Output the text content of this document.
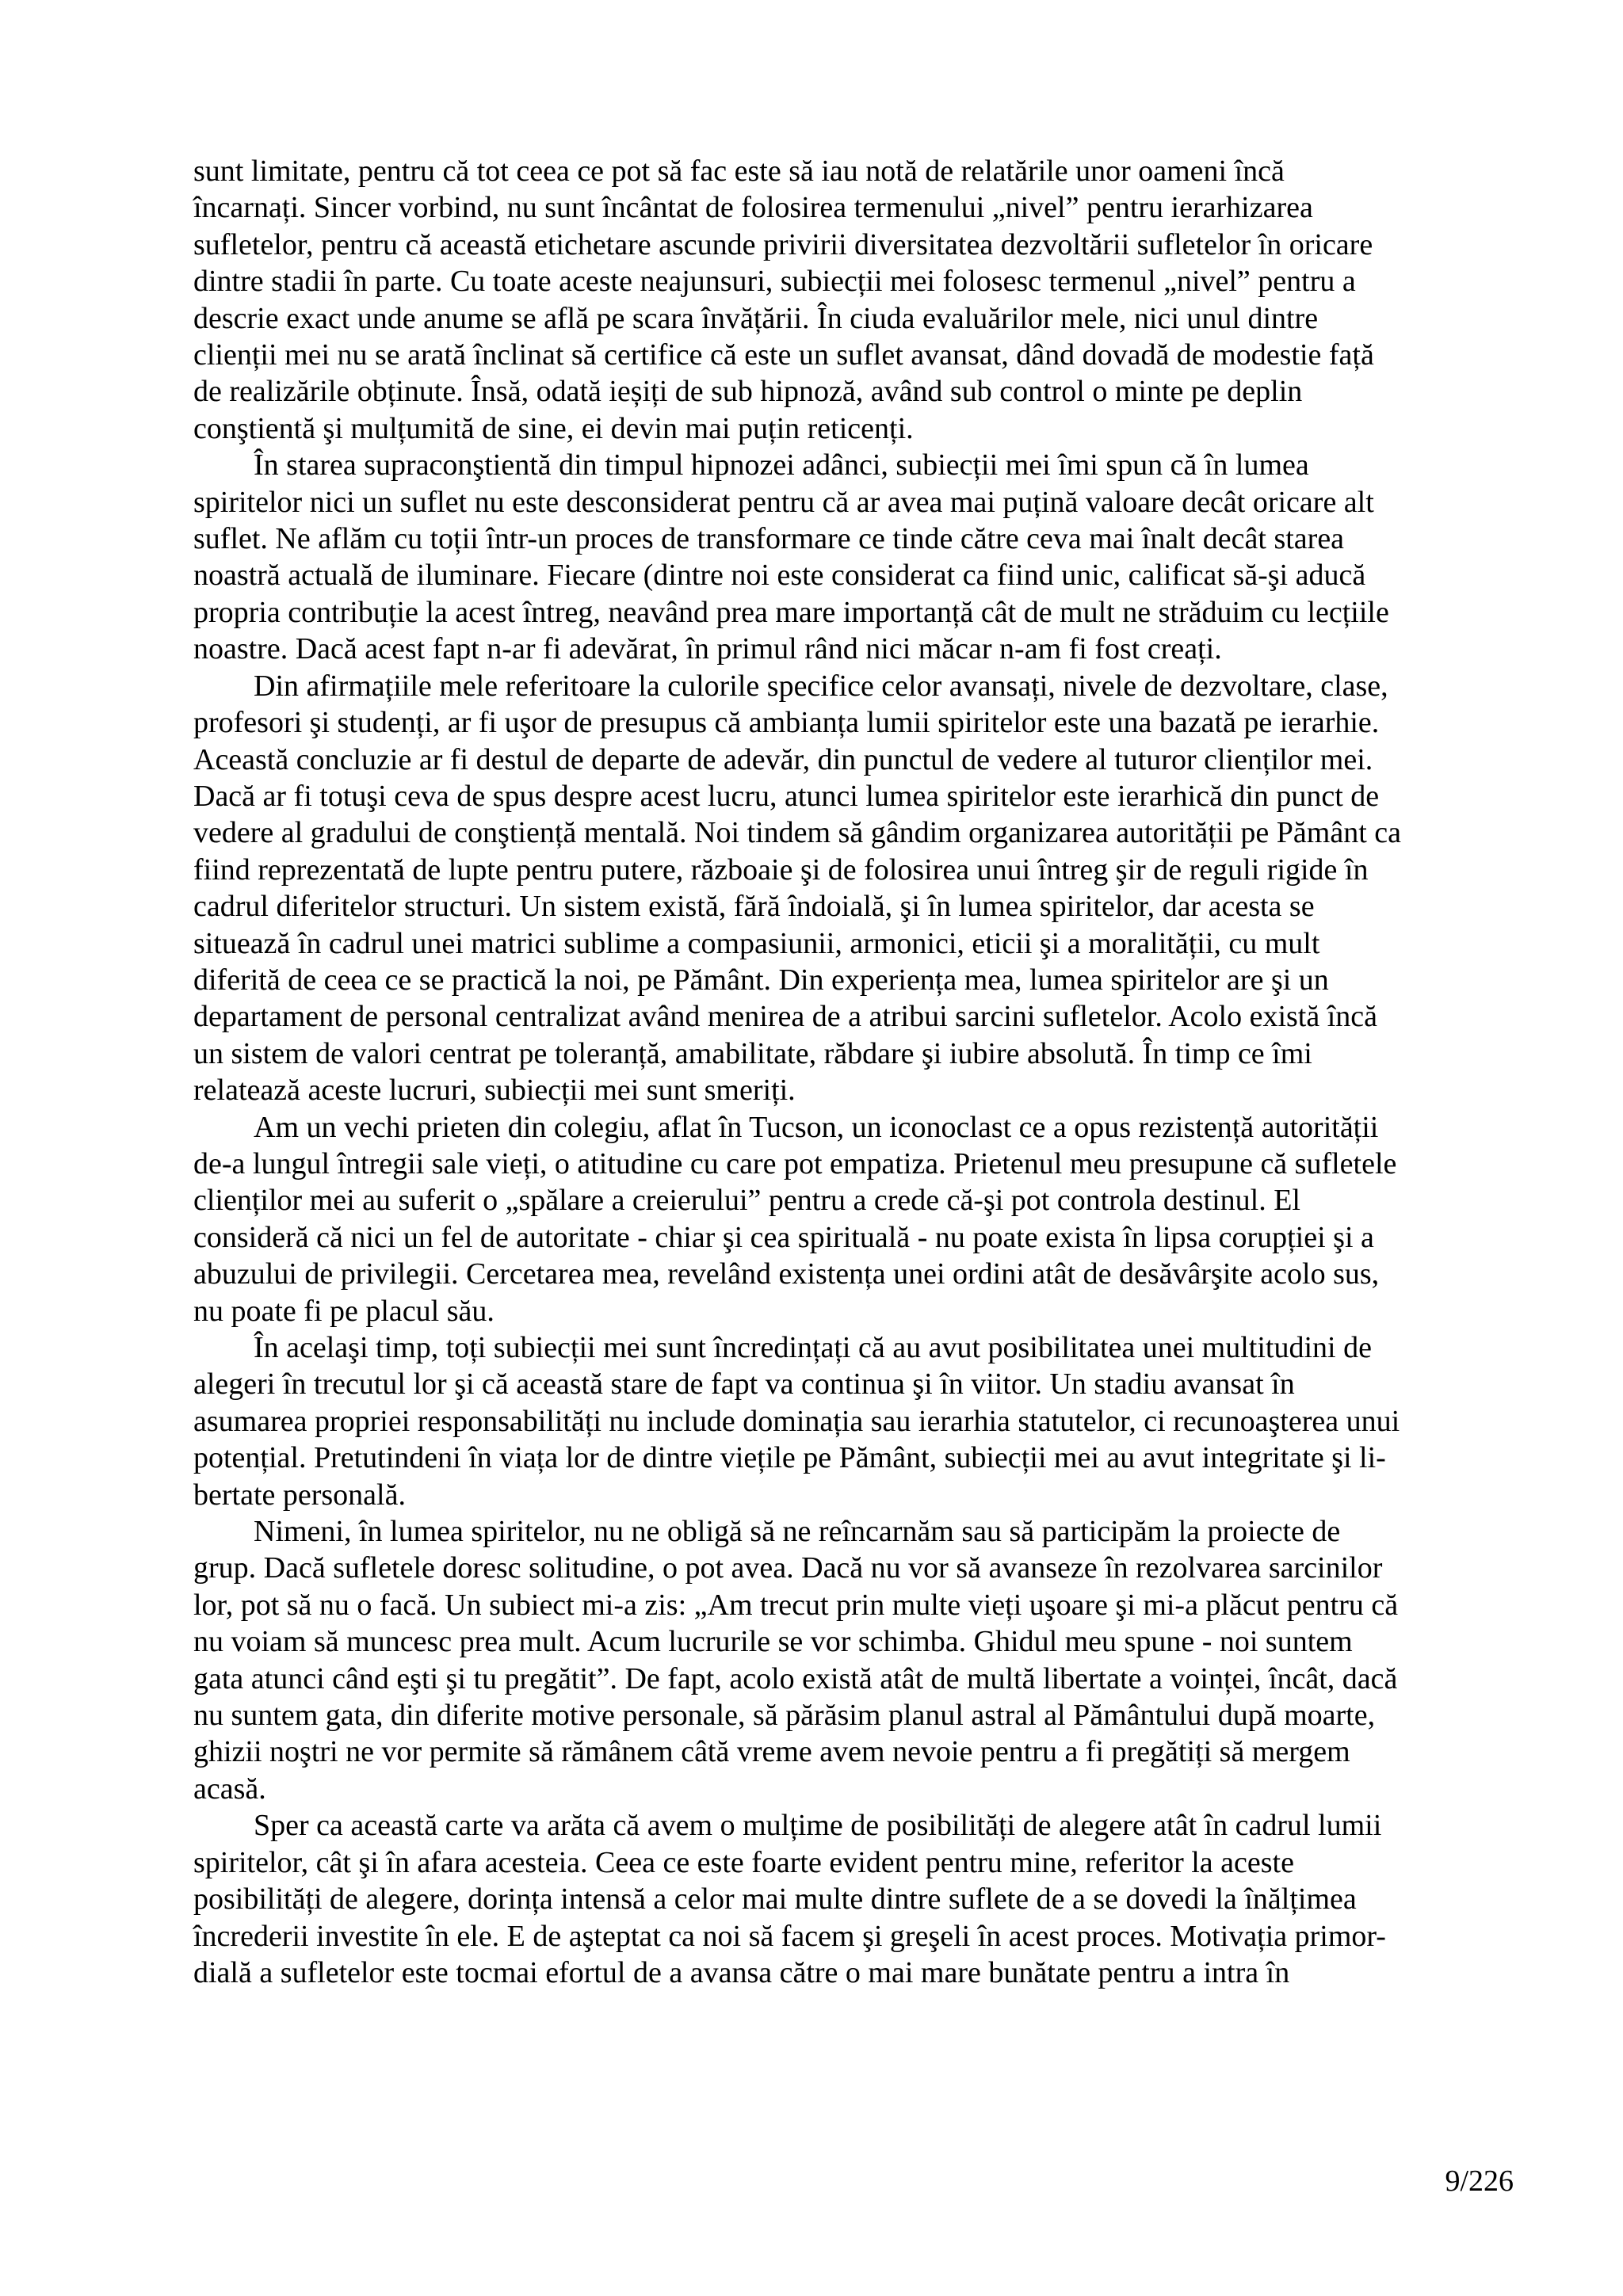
sunt limitate, pentru că tot ceea ce pot să fac este să iau notă de relatările unor oameni încă
încarnați. Sincer vorbind, nu sunt încântat de folosirea termenului „nivel” pentru ierarhizarea
sufletelor, pentru că această etichetare ascunde privirii diversitatea dezvoltării sufletelor în oricare
dintre stadii în parte. Cu toate aceste neajunsuri, subiecții mei folosesc termenul „nivel” pentru a
descrie exact unde anume se află pe scara învățării. În ciuda evaluărilor mele, nici unul dintre
clienții mei nu se arată înclinat să certifice că este un suflet avansat, dând dovadă de modestie față
de realizările obținute. Însă, odată ieșiți de sub hipnoză, având sub control o minte pe deplin
conştientă şi mulțumită de sine, ei devin mai puțin reticenți.
În starea supraconştientă din timpul hipnozei adânci, subiecții mei îmi spun că în lumea
spiritelor nici un suflet nu este desconsiderat pentru că ar avea mai puțină valoare decât oricare alt
suflet. Ne aflăm cu toții într-un proces de transformare ce tinde către ceva mai înalt decât starea
noastră actuală de iluminare. Fiecare (dintre noi este considerat ca fiind unic, calificat să-şi aducă
propria contribuție la acest întreg, neavând prea mare importanță cât de mult ne străduim cu lecțiile
noastre. Dacă acest fapt n-ar fi adevărat, în primul rând nici măcar n-am fi fost creați.
Din afirmațiile mele referitoare la culorile specifice celor avansați, nivele de dezvoltare, clase,
profesori şi studenți, ar fi uşor de presupus că ambianța lumii spiritelor este una bazată pe ierarhie.
Această concluzie ar fi destul de departe de adevăr, din punctul de vedere al tuturor clienților mei.
Dacă ar fi totuşi ceva de spus despre acest lucru, atunci lumea spiritelor este ierarhică din punct de
vedere al gradului de conştiență mentală. Noi tindem să gândim organizarea autorității pe Pământ ca
fiind reprezentată de lupte pentru putere, războaie şi de folosirea unui întreg şir de reguli rigide în
cadrul diferitelor structuri. Un sistem există, fără îndoială, şi în lumea spiritelor, dar acesta se
situează în cadrul unei matrici sublime a compasiunii, armonici, eticii şi a moralității, cu mult
diferită de ceea ce se practică la noi, pe Pământ. Din experiența mea, lumea spiritelor are şi un
departament de personal centralizat având menirea de a atribui sarcini sufletelor. Acolo există încă
un sistem de valori centrat pe toleranță, amabilitate, răbdare şi iubire absolută. În timp ce îmi
relatează aceste lucruri, subiecții mei sunt smeriți.
Am un vechi prieten din colegiu, aflat în Tucson, un iconoclast ce a opus rezistență autorității
de-a lungul întregii sale vieți, o atitudine cu care pot empatiza. Prietenul meu presupune că sufletele
clienților mei au suferit o „spălare a creierului” pentru a crede că-şi pot controla destinul. El
consideră că nici un fel de autoritate - chiar şi cea spirituală - nu poate exista în lipsa corupției şi a
abuzului de privilegii. Cercetarea mea, revelând existența unei ordini atât de desăvârşite acolo sus,
nu poate fi pe placul său.
În acelaşi timp, toți subiecții mei sunt încredințați că au avut posibilitatea unei multitudini de
alegeri în trecutul lor şi că această stare de fapt va continua şi în viitor. Un stadiu avansat în
asumarea propriei responsabilități nu include dominația sau ierarhia statutelor, ci recunoaşterea unui
potențial. Pretutindeni în viața lor de dintre viețile pe Pământ, subiecții mei au avut integritate şi li-
bertate personală.
Nimeni, în lumea spiritelor, nu ne obligă să ne reîncarnăm sau să participăm la proiecte de
grup. Dacă sufletele doresc solitudine, o pot avea. Dacă nu vor să avanseze în rezolvarea sarcinilor
lor, pot să nu o facă. Un subiect mi-a zis: „Am trecut prin multe vieți uşoare şi mi-a plăcut pentru că
nu voiam să muncesc prea mult. Acum lucrurile se vor schimba. Ghidul meu spune - noi suntem
gata atunci când eşti şi tu pregătit”. De fapt, acolo există atât de multă libertate a voinței, încât, dacă
nu suntem gata, din diferite motive personale, să părăsim planul astral al Pământului după moarte,
ghizii noştri ne vor permite să rămânem câtă vreme avem nevoie pentru a fi pregătiți să mergem
acasă.
Sper ca această carte va arăta că avem o mulțime de posibilități de alegere atât în cadrul lumii
spiritelor, cât şi în afara acesteia. Ceea ce este foarte evident pentru mine, referitor la aceste
posibilități de alegere, dorința intensă a celor mai multe dintre suflete de a se dovedi la înălțimea
încrederii investite în ele. E de aşteptat ca noi să facem şi greşeli în acest proces. Motivația primor-
dială a sufletelor este tocmai efortul de a avansa către o mai mare bunătate pentru a intra în
9/226
